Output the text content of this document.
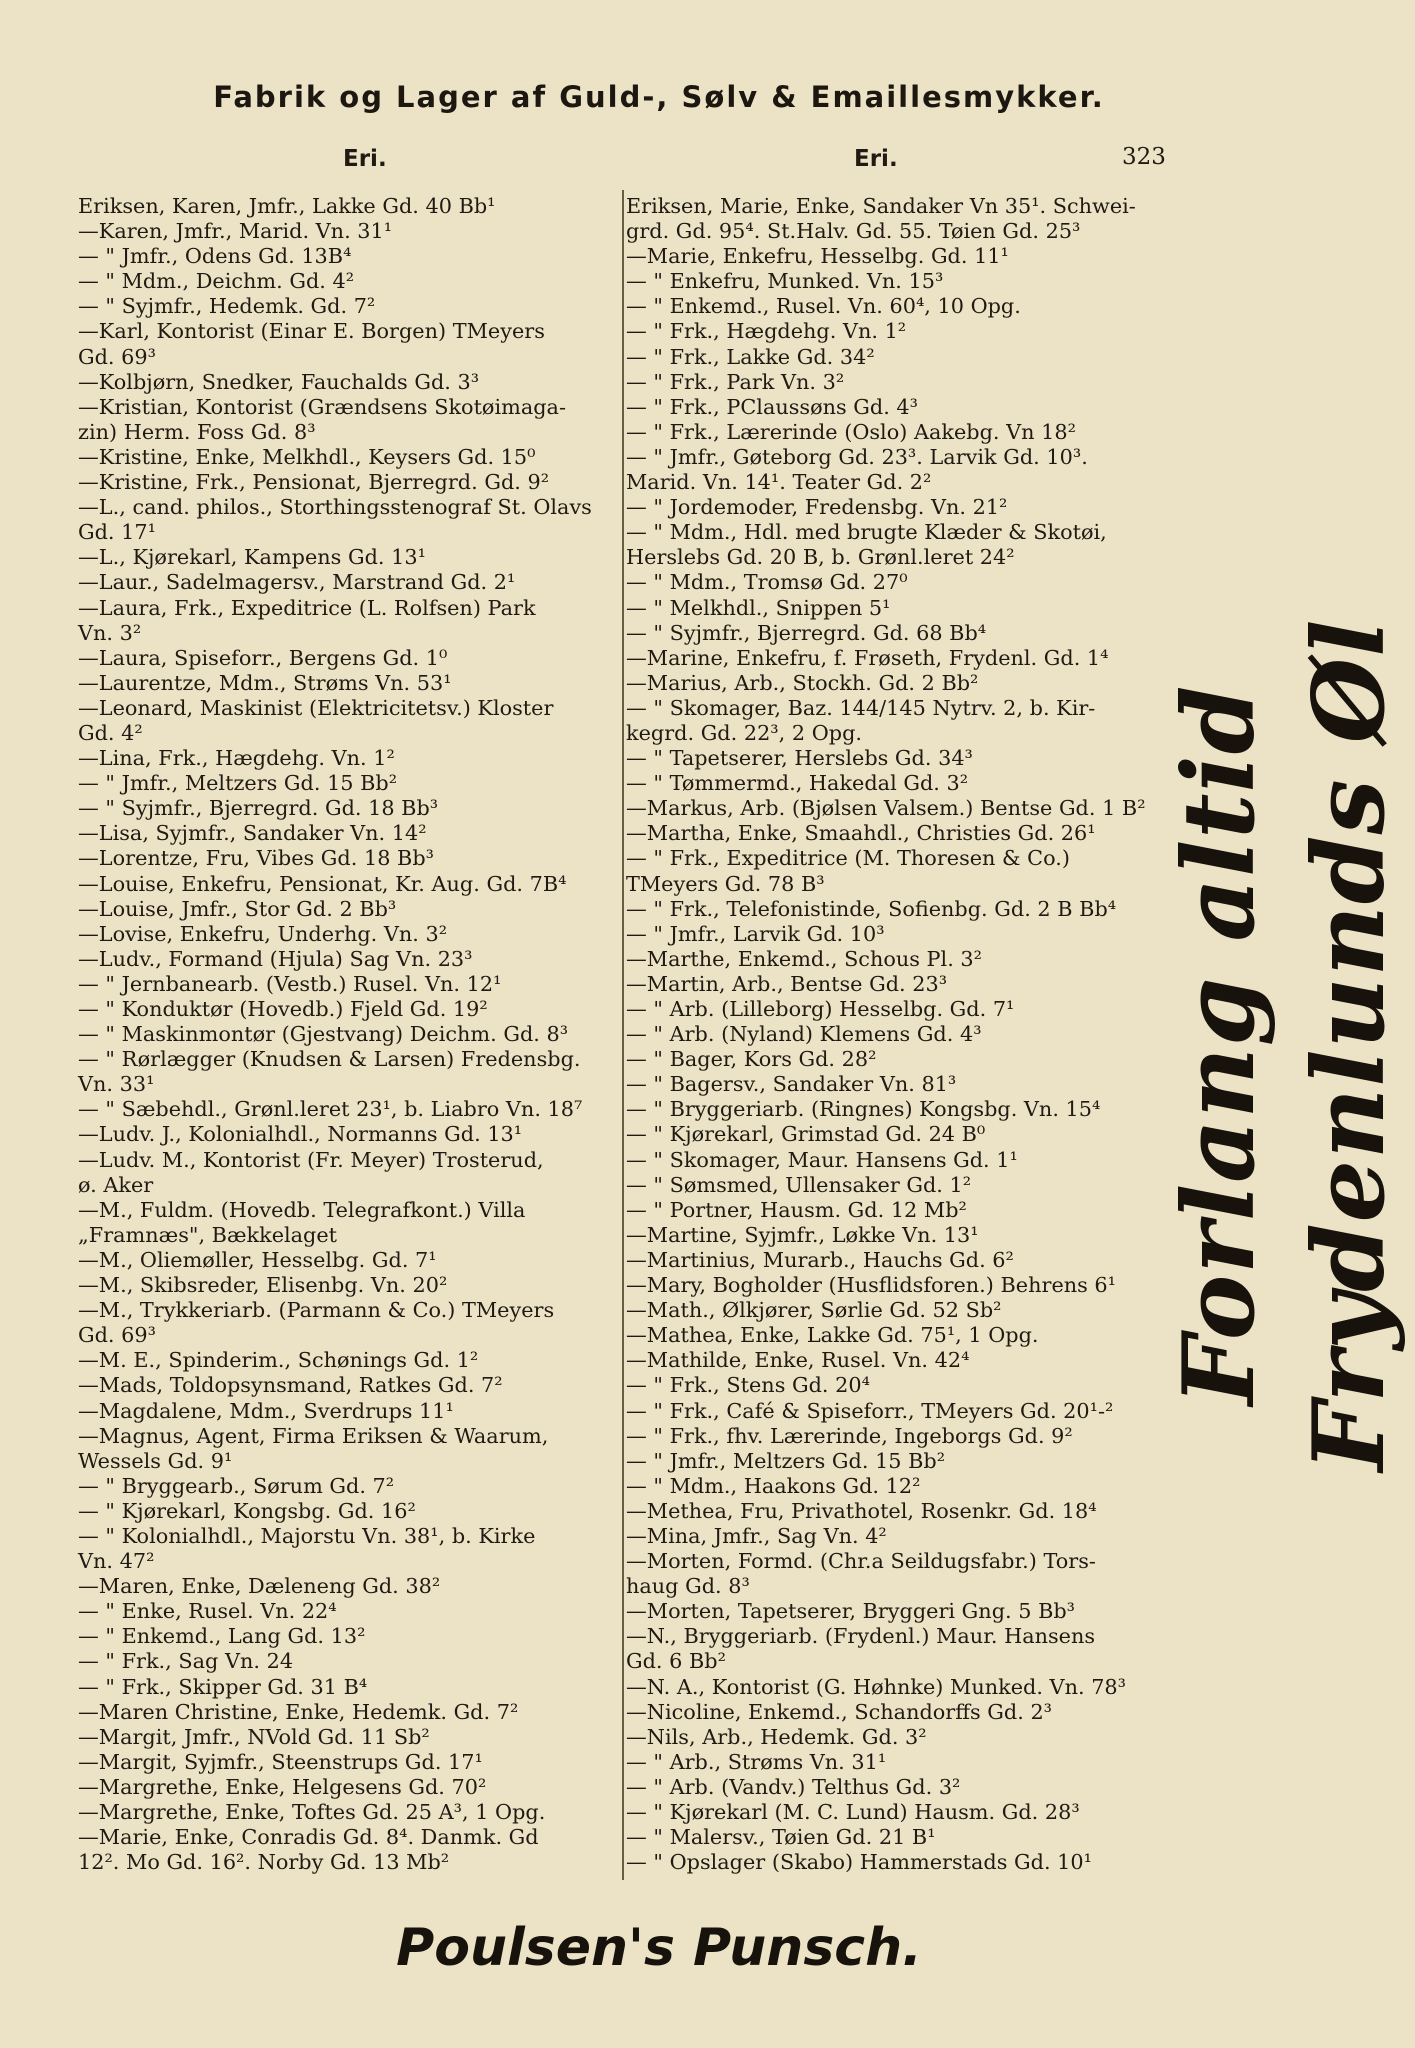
Fabrik og Lager af Guld-, Sølv & Emaillesmykker.
Eri.	Eri.	323
Eriksen, Karen, Jmfr., Lakke Gd. 40 Bb¹
—Karen, Jmfr., Marid. Vn. 31¹
— " Jmfr., Odens Gd. 13B⁴
— " Mdm., Deichm. Gd. 4²
— " Syjmfr., Hedemk. Gd. 7²
—Karl, Kontorist (Einar E. Borgen) TMeyers
Gd. 69³
—Kolbjørn, Snedker, Fauchalds Gd. 3³
—Kristian, Kontorist (Grændsens Skotøimaga-
zin) Herm. Foss Gd. 8³
—Kristine, Enke, Melkhdl., Keysers Gd. 15⁰
—Kristine, Frk., Pensionat, Bjerregrd. Gd. 9²
—L., cand. philos., Storthingsstenograf St. Olavs
Gd. 17¹
—L., Kjørekarl, Kampens Gd. 13¹
—Laur., Sadelmagersv., Marstrand Gd. 2¹
—Laura, Frk., Expeditrice (L. Rolfsen) Park
Vn. 3²
—Laura, Spiseforr., Bergens Gd. 1⁰
—Laurentze, Mdm., Strøms Vn. 53¹
—Leonard, Maskinist (Elektricitetsv.) Kloster
Gd. 4²
—Lina, Frk., Hægdehg. Vn. 1²
— " Jmfr., Meltzers Gd. 15 Bb²
— " Syjmfr., Bjerregrd. Gd. 18 Bb³
—Lisa, Syjmfr., Sandaker Vn. 14²
—Lorentze, Fru, Vibes Gd. 18 Bb³
—Louise, Enkefru, Pensionat, Kr. Aug. Gd. 7B⁴
—Louise, Jmfr., Stor Gd. 2 Bb³
—Lovise, Enkefru, Underhg. Vn. 3²
—Ludv., Formand (Hjula) Sag Vn. 23³
— " Jernbanearb. (Vestb.) Rusel. Vn. 12¹
— " Konduktør (Hovedb.) Fjeld Gd. 19²
— " Maskinmontør (Gjestvang) Deichm. Gd. 8³
— " Rørlægger (Knudsen & Larsen) Fredensbg.
Vn. 33¹
— " Sæbehdl., Grønl.leret 23¹, b. Liabro Vn. 18⁷
—Ludv. J., Kolonialhdl., Normanns Gd. 13¹
—Ludv. M., Kontorist (Fr. Meyer) Trosterud,
ø. Aker
—M., Fuldm. (Hovedb. Telegrafkont.) Villa
„Framnæs", Bækkelaget
—M., Oliemøller, Hesselbg. Gd. 7¹
—M., Skibsreder, Elisenbg. Vn. 20²
—M., Trykkeriarb. (Parmann & Co.) TMeyers
Gd. 69³
—M. E., Spinderim., Schønings Gd. 1²
—Mads, Toldopsynsmand, Ratkes Gd. 7²
—Magdalene, Mdm., Sverdrups 11¹
—Magnus, Agent, Firma Eriksen & Waarum,
Wessels Gd. 9¹
— " Bryggearb., Sørum Gd. 7²
— " Kjørekarl, Kongsbg. Gd. 16²
— " Kolonialhdl., Majorstu Vn. 38¹, b. Kirke
Vn. 47²
—Maren, Enke, Dæleneng Gd. 38²
— " Enke, Rusel. Vn. 22⁴
— " Enkemd., Lang Gd. 13²
— " Frk., Sag Vn. 24
— " Frk., Skipper Gd. 31 B⁴
—Maren Christine, Enke, Hedemk. Gd. 7²
—Margit, Jmfr., NVold Gd. 11 Sb²
—Margit, Syjmfr., Steenstrups Gd. 17¹
—Margrethe, Enke, Helgesens Gd. 70²
—Margrethe, Enke, Toftes Gd. 25 A³, 1 Opg.
—Marie, Enke, Conradis Gd. 8⁴. Danmk. Gd
12². Mo Gd. 16². Norby Gd. 13 Mb²
Eriksen, Marie, Enke, Sandaker Vn 35¹. Schwei-
grd. Gd. 95⁴. St.Halv. Gd. 55. Tøien Gd. 25³
—Marie, Enkefru, Hesselbg. Gd. 11¹
— " Enkefru, Munked. Vn. 15³
— " Enkemd., Rusel. Vn. 60⁴, 10 Opg.
— " Frk., Hægdehg. Vn. 1²
— " Frk., Lakke Gd. 34²
— " Frk., Park Vn. 3²
— " Frk., PClaussøns Gd. 4³
— " Frk., Lærerinde (Oslo) Aakebg. Vn 18²
— " Jmfr., Gøteborg Gd. 23³. Larvik Gd. 10³.
Marid. Vn. 14¹. Teater Gd. 2²
— " Jordemoder, Fredensbg. Vn. 21²
— " Mdm., Hdl. med brugte Klæder & Skotøi,
Herslebs Gd. 20 B, b. Grønl.leret 24²
— " Mdm., Tromsø Gd. 27⁰
— " Melkhdl., Snippen 5¹
— " Syjmfr., Bjerregrd. Gd. 68 Bb⁴
—Marine, Enkefru, f. Frøseth, Frydenl. Gd. 1⁴
—Marius, Arb., Stockh. Gd. 2 Bb²
— " Skomager, Baz. 144/145 Nytrv. 2, b. Kir-
kegrd. Gd. 22³, 2 Opg.
— " Tapetserer, Herslebs Gd. 34³
— " Tømmermd., Hakedal Gd. 3²
—Markus, Arb. (Bjølsen Valsem.) Bentse Gd. 1 B²
—Martha, Enke, Smaahdl., Christies Gd. 26¹
— " Frk., Expeditrice (M. Thoresen & Co.)
TMeyers Gd. 78 B³
— " Frk., Telefonistinde, Sofienbg. Gd. 2 B Bb⁴
— " Jmfr., Larvik Gd. 10³
—Marthe, Enkemd., Schous Pl. 3²
—Martin, Arb., Bentse Gd. 23³
— " Arb. (Lilleborg) Hesselbg. Gd. 7¹
— " Arb. (Nyland) Klemens Gd. 4³
— " Bager, Kors Gd. 28²
— " Bagersv., Sandaker Vn. 81³
— " Bryggeriarb. (Ringnes) Kongsbg. Vn. 15⁴
— " Kjørekarl, Grimstad Gd. 24 B⁰
— " Skomager, Maur. Hansens Gd. 1¹
— " Sømsmed, Ullensaker Gd. 1²
— " Portner, Hausm. Gd. 12 Mb²
—Martine, Syjmfr., Løkke Vn. 13¹
—Martinius, Murarb., Hauchs Gd. 6²
—Mary, Bogholder (Husflidsforen.) Behrens 6¹
—Math., Ølkjører, Sørlie Gd. 52 Sb²
—Mathea, Enke, Lakke Gd. 75¹, 1 Opg.
—Mathilde, Enke, Rusel. Vn. 42⁴
— " Frk., Stens Gd. 20⁴
— " Frk., Café & Spiseforr., TMeyers Gd. 20¹-²
— " Frk., fhv. Lærerinde, Ingeborgs Gd. 9²
— " Jmfr., Meltzers Gd. 15 Bb²
— " Mdm., Haakons Gd. 12²
—Methea, Fru, Privathotel, Rosenkr. Gd. 18⁴
—Mina, Jmfr., Sag Vn. 4²
—Morten, Formd. (Chr.a Seildugsfabr.) Tors-
haug Gd. 8³
—Morten, Tapetserer, Bryggeri Gng. 5 Bb³
—N., Bryggeriarb. (Frydenl.) Maur. Hansens
Gd. 6 Bb²
—N. A., Kontorist (G. Høhnke) Munked. Vn. 78³
—Nicoline, Enkemd., Schandorffs Gd. 2³
—Nils, Arb., Hedemk. Gd. 3²
— " Arb., Strøms Vn. 31¹
— " Arb. (Vandv.) Telthus Gd. 3²
— " Kjørekarl (M. C. Lund) Hausm. Gd. 28³
— " Malersv., Tøien Gd. 21 B¹
— " Opslager (Skabo) Hammerstads Gd. 10¹
Forlang altid Frydenlunds Øl
Poulsen's Punsch.
